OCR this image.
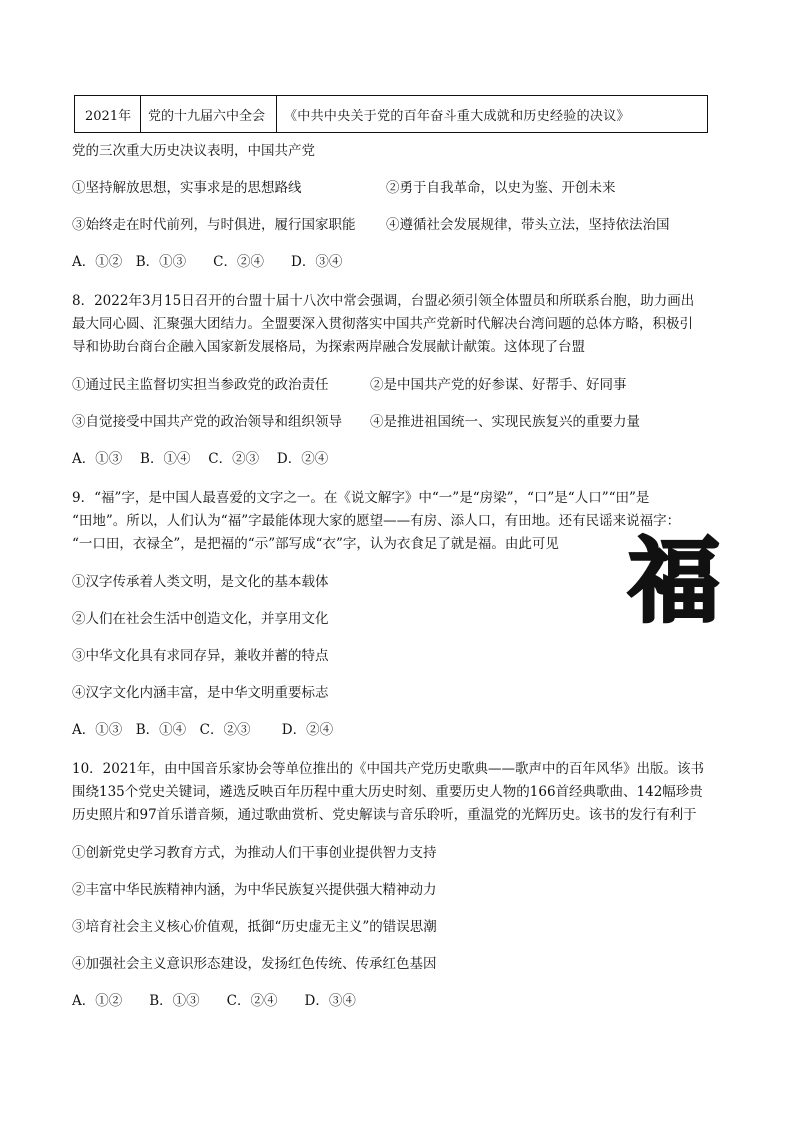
2021年	党的十九届六中全会	《中共中央关于党的百年奋斗重大成就和历史经验的决议》
党的三次重大历史决议表明，中国共产党
①坚持解放思想，实事求是的思想路线	②勇于自我革命，以史为鉴、开创未来
③始终走在时代前列，与时俱进，履行国家职能 ④遵循社会发展规律，带头立法，坚持依法治国
A．①②　B．①③　　C．②④　　D．③④
8．2022年3月15日召开的台盟十届十八次中常会强调，台盟必须引领全体盟员和所联系台胞，助力画出
最大同心圆、汇聚强大团结力。全盟要深入贯彻落实中国共产党新时代解决台湾问题的总体方略，积极引
导和协助台商台企融入国家新发展格局，为探索两岸融合发展献计献策。这体现了台盟
①通过民主监督切实担当参政党的政治责任	②是中国共产党的好参谋、好帮手、好同事
③自觉接受中国共产党的政治领导和组织领导 ④是推进祖国统一、实现民族复兴的重要力量
A．①③　 B．①④　 C．②③　 D．②④
9．“福”字，是中国人最喜爱的文字之一。在《说文解字》中“一”是“房梁”，“口”是“人口”“田”是
“田地”。所以，人们认为“福”字最能体现大家的愿望——有房、添人口，有田地。还有民谣来说福字：
“一口田，衣禄全”，是把福的“示”部写成“衣”字，认为衣食足了就是福。由此可见
①汉字传承着人类文明，是文化的基本载体
②人们在社会生活中创造文化，并享用文化
③中华文化具有求同存异，兼收并蓄的特点
④汉字文化内涵丰富，是中华文明重要标志
A．①③　B．①④　C．②③　　 D．②④
福
10．2021年，由中国音乐家协会等单位推出的《中国共产党历史歌典——歌声中的百年风华》出版。该书
围绕135个党史关键词，遴选反映百年历程中重大历史时刻、重要历史人物的166首经典歌曲、142幅珍贵
历史照片和97首乐谱音频，通过歌曲赏析、党史解读与音乐聆听，重温党的光辉历史。该书的发行有利于
①创新党史学习教育方式，为推动人们干事创业提供智力支持
②丰富中华民族精神内涵，为中华民族复兴提供强大精神动力
③培育社会主义核心价值观，抵御“历史虚无主义”的错误思潮
④加强社会主义意识形态建设，发扬红色传统、传承红色基因
A．①②　　B．①③　　C．②④　　D．③④
